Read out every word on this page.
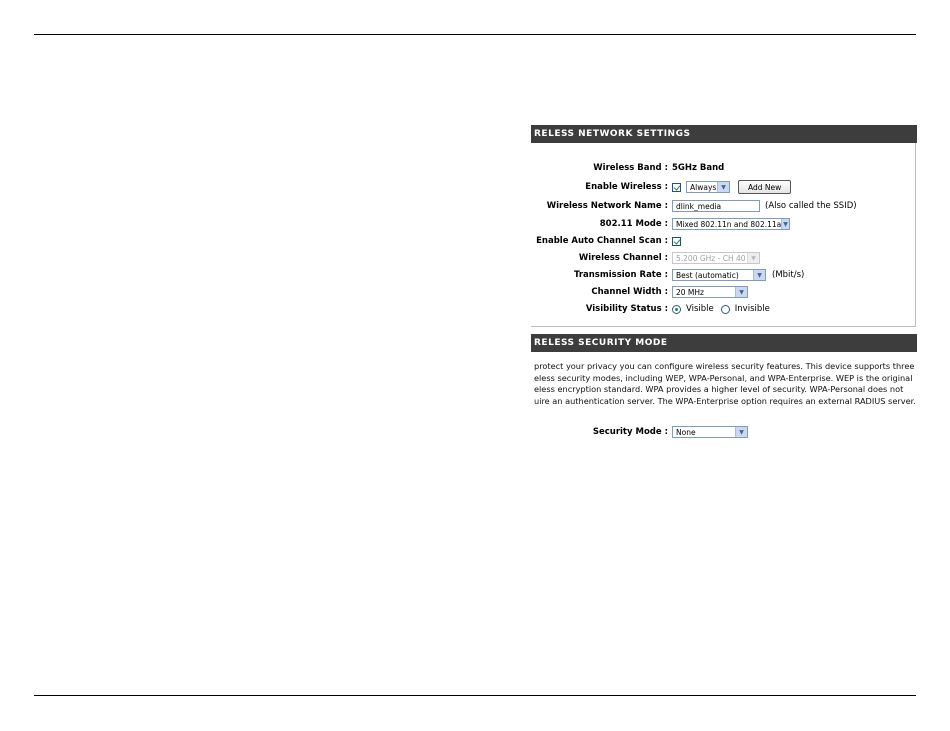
RELESS NETWORK SETTINGS
Wireless Band : 5GHz Band
Enable Wireless :	Always ▼	Add New
Wireless Network Name :	dlink_media	(Also called the SSID)
802.11 Mode : Mixed 802.11n and 802.11a ▼
Enable Auto Channel Scan :
Wireless Channel : 5.200 GHz - CH 40 ▼
Transmission Rate : Best (automatic)	▼	(Mbit/s)
Channel Width : 20 MHz	▼
Visibility Status : Visible Invisible
RELESS SECURITY MODE
protect your privacy you can configure wireless security features. This device supports three
eless security modes, including WEP, WPA-Personal, and WPA-Enterprise. WEP is the original
eless encryption standard. WPA provides a higher level of security. WPA-Personal does not
uire an authentication server. The WPA-Enterprise option requires an external RADIUS server.
Security Mode : None	▼
